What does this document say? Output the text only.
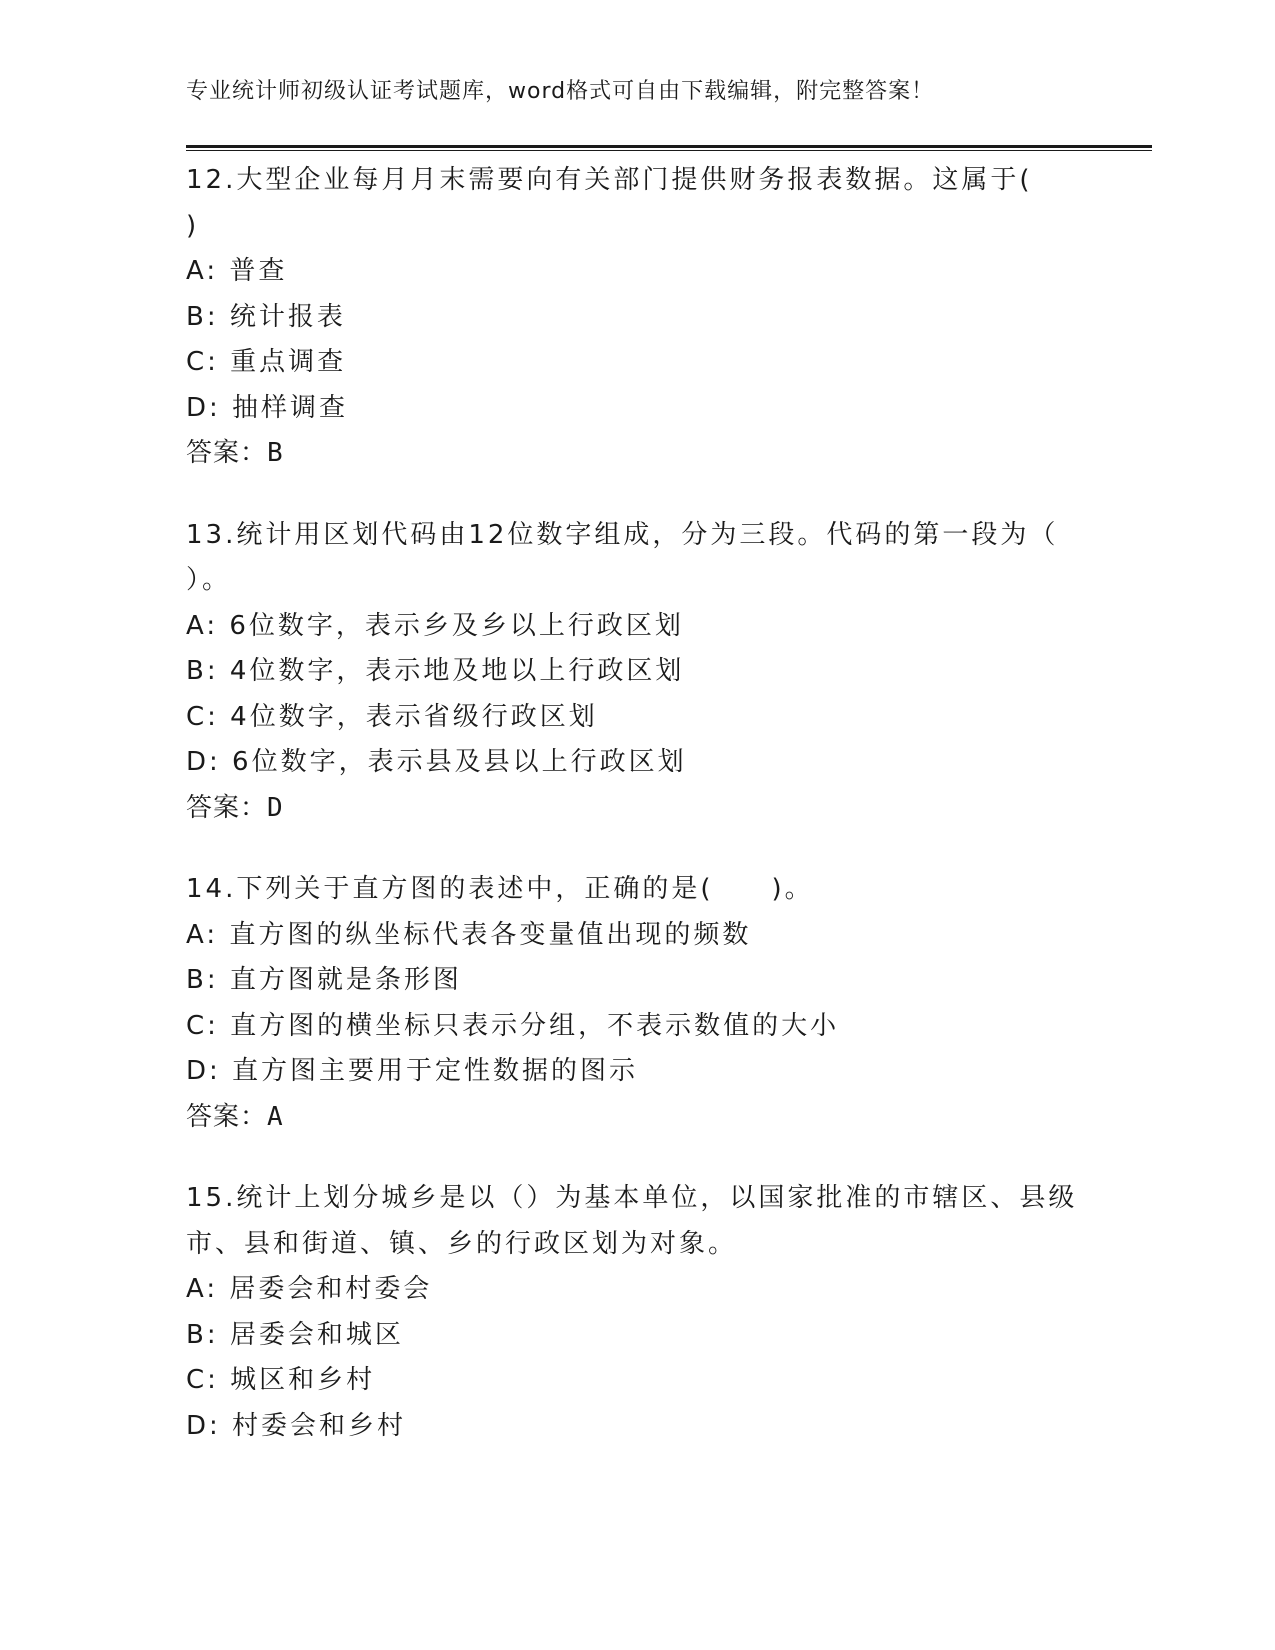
专业统计师初级认证考试题库，word格式可自由下载编辑，附完整答案！
12.大型企业每月月末需要向有关部门提供财务报表数据。这属于(
)
A: 普查
B: 统计报表
C: 重点调查
D: 抽样调查
答案：B
13.统计用区划代码由12位数字组成，分为三段。代码的第一段为（
）。
A: 6位数字，表示乡及乡以上行政区划
B: 4位数字，表示地及地以上行政区划
C: 4位数字，表示省级行政区划
D: 6位数字，表示县及县以上行政区划
答案：D
14.下列关于直方图的表述中，正确的是(　　)。
A: 直方图的纵坐标代表各变量值出现的频数
B: 直方图就是条形图
C: 直方图的横坐标只表示分组，不表示数值的大小
D: 直方图主要用于定性数据的图示
答案：A
15.统计上划分城乡是以（）为基本单位，以国家批准的市辖区、县级
市、县和街道、镇、乡的行政区划为对象。
A: 居委会和村委会
B: 居委会和城区
C: 城区和乡村
D: 村委会和乡村
